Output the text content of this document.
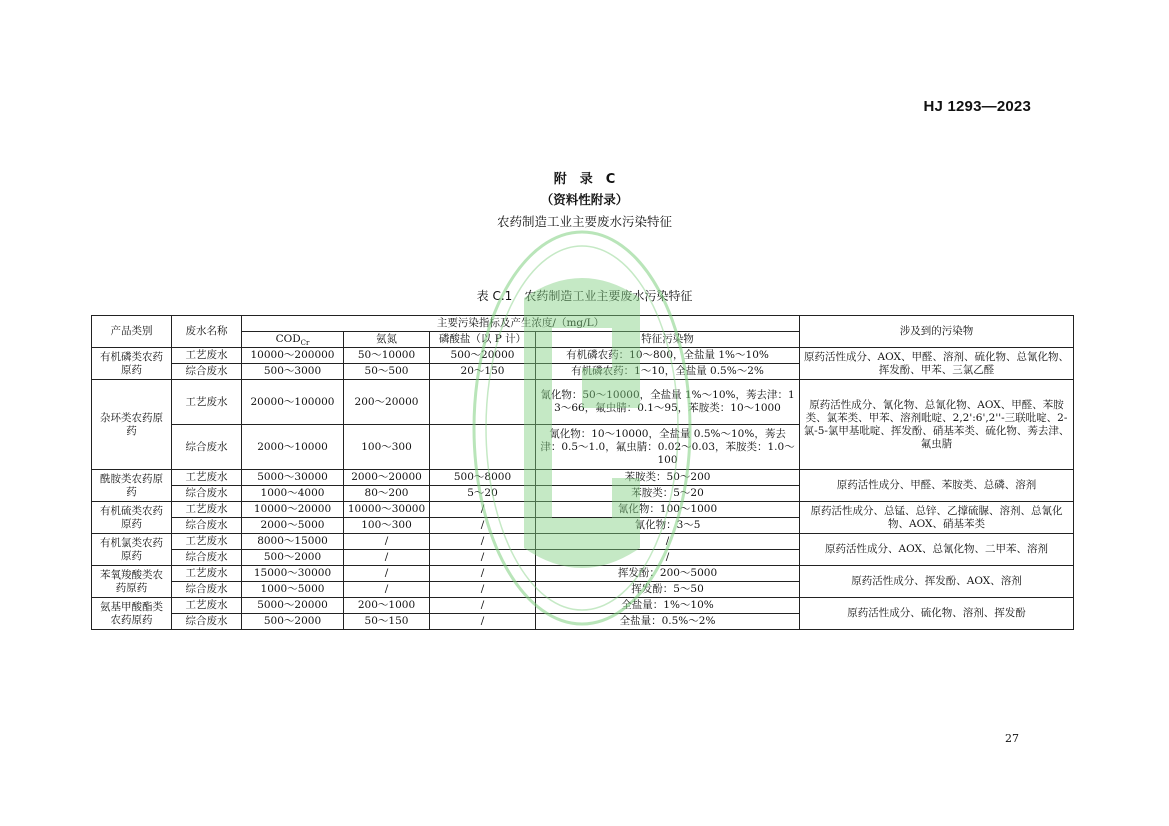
HJ 1293—2023
附　录　C
（资料性附录）
农药制造工业主要废水污染特征
表 C.1　农药制造工业主要废水污染特征
产品类别	废水名称	主要污染指标及产生浓度/（mg/L）				涉及到的污染物
		$COD_{Cr}$	氨氮	磷酸盐（以 P 计）	特征污染物	
有机磷类农药原药	工艺废水	10000～200000	50～10000	500～20000	有机磷农药：10～800，全盐量 1%～10%	原药活性成分、AOX、甲醛、溶剂、硫化物、总氰化物、挥发酚、甲苯、三氯乙醛
	综合废水	500～3000	50～500	20～150	有机磷农药：1～10，全盐量 0.5%～2%	
杂环类农药原药	工艺废水	20000～100000	200～20000		氰化物：50～10000，全盐量 1%～10%，莠去津：13～66，氟虫腈：0.1～95，苯胺类：10～1000	原药活性成分、氰化物、总氰化物、AOX、甲醛、苯胺类、氯苯类、甲苯、溶剂吡啶、2,2':6',2''-三联吡啶、2-氯-5-氯甲基吡啶、挥发酚、硝基苯类、硫化物、莠去津、氟虫腈
	综合废水	2000～10000	100～300		氰化物：10～10000，全盐量 0.5%～10%，莠去津：0.5～1.0，氟虫腈：0.02～0.03，苯胺类：1.0～100	
酰胺类农药原药	工艺废水	5000～30000	2000～20000	500～8000	苯胺类：50～200	原药活性成分、甲醛、苯胺类、总磷、溶剂
	综合废水	1000～4000	80～200	5～20	苯胺类：5～20	
有机硫类农药原药	工艺废水	10000～20000	10000～30000	/	氰化物：100～1000	原药活性成分、总锰、总锌、乙撑硫脲、溶剂、总氰化物、AOX、硝基苯类
	综合废水	2000～5000	100～300	/	氰化物：3～5	
有机氯类农药原药	工艺废水	8000～15000	/	/	/	原药活性成分、AOX、总氰化物、二甲苯、溶剂
	综合废水	500～2000	/	/	/	
苯氧羧酸类农药原药	工艺废水	15000～30000	/	/	挥发酚：200～5000	原药活性成分、挥发酚、AOX、溶剂
	综合废水	1000～5000	/	/	挥发酚：5～50	
氨基甲酸酯类农药原药	工艺废水	5000～20000	200～1000	/	全盐量：1%～10%	原药活性成分、硫化物、溶剂、挥发酚
	综合废水	500～2000	50～150	/	全盐量：0.5%～2%	
27
